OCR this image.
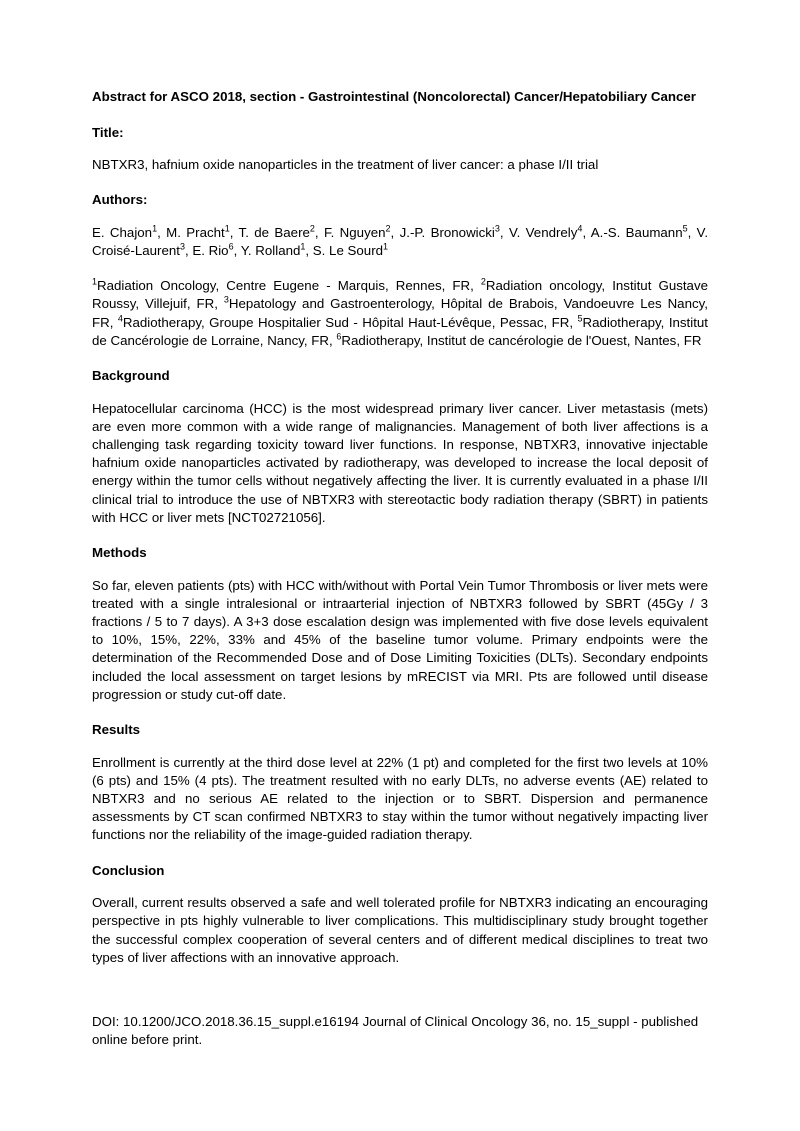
Abstract for ASCO 2018, section - Gastrointestinal (Noncolorectal) Cancer/Hepatobiliary Cancer

Title:

NBTXR3, hafnium oxide nanoparticles in the treatment of liver cancer: a phase I/II trial

Authors:

E. Chajon$^1$, M. Pracht$^1$, T. de Baere$^2$, F. Nguyen$^2$, J.-P. Bronowicki$^3$, V. Vendrely$^4$, A.-S. Baumann$^5$, V. Croisé-Laurent$^3$, E. Rio$^6$, Y. Rolland$^1$, S. Le Sourd$^1$

$^1$Radiation Oncology, Centre Eugene - Marquis, Rennes, FR, $^2$Radiation oncology, Institut Gustave Roussy, Villejuif, FR, $^3$Hepatology and Gastroenterology, Hôpital de Brabois, Vandoeuvre Les Nancy, FR, $^4$Radiotherapy, Groupe Hospitalier Sud - Hôpital Haut-Lévêque, Pessac, FR, $^5$Radiotherapy, Institut de Cancérologie de Lorraine, Nancy, FR, $^6$Radiotherapy, Institut de cancérologie de l'Ouest, Nantes, FR

Background

Hepatocellular carcinoma (HCC) is the most widespread primary liver cancer. Liver metastasis (mets) are even more common with a wide range of malignancies. Management of both liver affections is a challenging task regarding toxicity toward liver functions. In response, NBTXR3, innovative injectable hafnium oxide nanoparticles activated by radiotherapy, was developed to increase the local deposit of energy within the tumor cells without negatively affecting the liver. It is currently evaluated in a phase I/II clinical trial to introduce the use of NBTXR3 with stereotactic body radiation therapy (SBRT) in patients with HCC or liver mets [NCT02721056].

Methods

So far, eleven patients (pts) with HCC with/without with Portal Vein Tumor Thrombosis or liver mets were treated with a single intralesional or intraarterial injection of NBTXR3 followed by SBRT (45Gy / 3 fractions / 5 to 7 days). A 3+3 dose escalation design was implemented with five dose levels equivalent to 10%, 15%, 22%, 33% and 45% of the baseline tumor volume. Primary endpoints were the determination of the Recommended Dose and of Dose Limiting Toxicities (DLTs). Secondary endpoints included the local assessment on target lesions by mRECIST via MRI. Pts are followed until disease progression or study cut-off date.

Results

Enrollment is currently at the third dose level at 22% (1 pt) and completed for the first two levels at 10% (6 pts) and 15% (4 pts). The treatment resulted with no early DLTs, no adverse events (AE) related to NBTXR3 and no serious AE related to the injection or to SBRT. Dispersion and permanence assessments by CT scan confirmed NBTXR3 to stay within the tumor without negatively impacting liver functions nor the reliability of the image-guided radiation therapy.

Conclusion

Overall, current results observed a safe and well tolerated profile for NBTXR3 indicating an encouraging perspective in pts highly vulnerable to liver complications. This multidisciplinary study brought together the successful complex cooperation of several centers and of different medical disciplines to treat two types of liver affections with an innovative approach.

DOI: 10.1200/JCO.2018.36.15_suppl.e16194 Journal of Clinical Oncology 36, no. 15_suppl - published online before print.
